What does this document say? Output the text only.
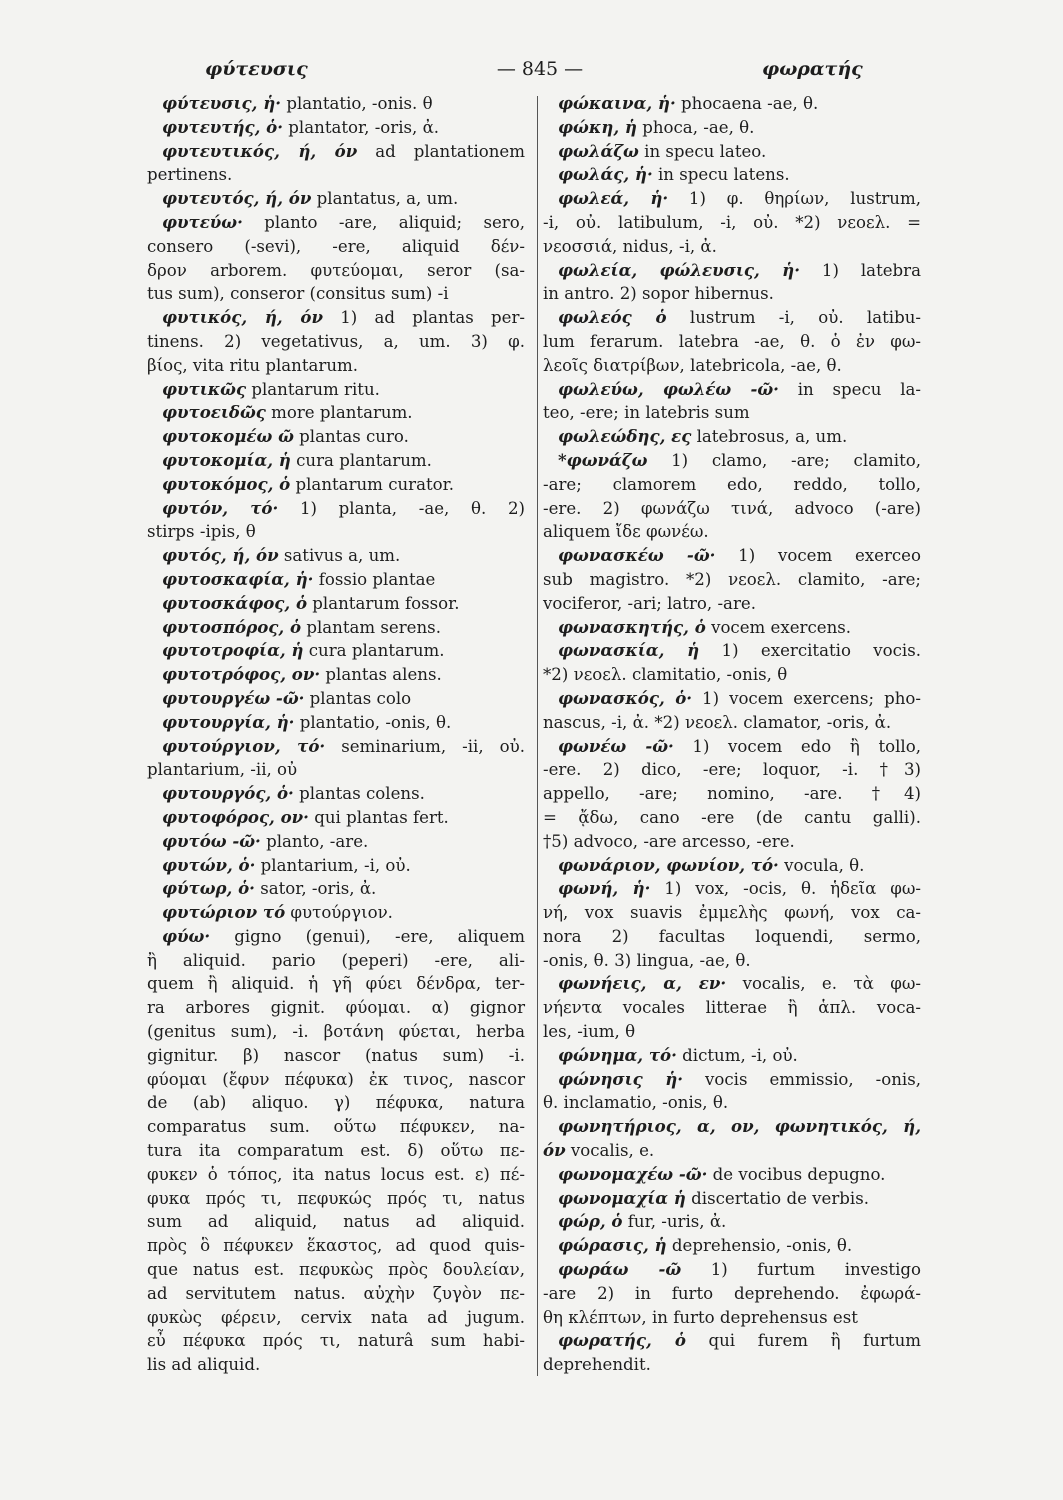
φύτευσις	— 845 —	φωρατής
φύτευσις, ἡ· plantatio, -onis. θ
φυτευτής, ὁ· plantator, -oris, ἀ.
φυτευτικός, ή, όν ad plantationem
pertinens.
φυτευτός, ή, όν plantatus, a, um.
φυτεύω· planto -are, aliquid; sero,
consero (-sevi), -ere, aliquid δέν-
δρον arborem. φυτεύομαι, seror (sa-
tus sum), conseror (consitus sum) -i
φυτικός, ή, όν 1) ad plantas per-
tinens. 2) vegetativus, a, um. 3) φ.
βίος, vita ritu plantarum.
φυτικῶς plantarum ritu.
φυτοειδῶς more plantarum.
φυτοκομέω ῶ plantas curo.
φυτοκομία, ἡ cura plantarum.
φυτοκόμος, ὁ plantarum curator.
φυτόν, τό· 1) planta, -ae, θ. 2)
stirps -ipis, θ
φυτός, ή, όν sativus a, um.
φυτοσκαφία, ἡ· fossio plantae
φυτοσκάφος, ὁ plantarum fossor.
φυτοσπόρος, ὁ plantam serens.
φυτοτροφία, ἡ cura plantarum.
φυτοτρόφος, ον· plantas alens.
φυτουργέω -ῶ· plantas colo
φυτουργία, ἡ· plantatio, -onis, θ.
φυτούργιον, τό· seminarium, -ii, οὐ.
plantarium, -ii, οὐ
φυτουργός, ὁ· plantas colens.
φυτοφόρος, ον· qui plantas fert.
φυτόω -ῶ· planto, -are.
φυτών, ὁ· plantarium, -i, οὐ.
φύτωρ, ὁ· sator, -oris, ἀ.
φυτώριον τό φυτούργιον.
φύω· gigno (genui), -ere, aliquem
ἢ aliquid. pario (peperi) -ere, ali-
quem ἢ aliquid. ἡ γῆ φύει δένδρα, ter-
ra arbores gignit. φύομαι. α) gignor
(genitus sum), -i. βοτάνη φύεται, herba
gignitur. β) nascor (natus sum) -i.
φύομαι (ἔφυν πέφυκα) ἐκ τινος, nascor
de (ab) aliquo. γ) πέφυκα, natura
comparatus sum. οὕτω πέφυκεν, na-
tura ita comparatum est. δ) οὕτω πε-
φυκεν ὁ τόπος, ita natus locus est. ε) πέ-
φυκα πρός τι, πεφυκώς πρός τι, natus
sum ad aliquid, natus ad aliquid.
πρὸς ὃ πέφυκεν ἕκαστος, ad quod quis-
que natus est. πεφυκὼς πρὸς δουλείαν,
ad servitutem natus. αὐχὴν ζυγὸν πε-
φυκὼς φέρειν, cervix nata ad jugum.
εὖ πέφυκα πρός τι, naturâ sum habi-
lis ad aliquid.
φώκαινα, ἡ· phocaena -ae, θ.
φώκη, ἡ phoca, -ae, θ.
φωλάζω in specu lateo.
φωλάς, ἡ· in specu latens.
φωλεά, ἡ· 1) φ. θηρίων, lustrum,
-i, οὐ. latibulum, -i, οὐ. *2) νεοελ. =
νεοσσιά, nidus, -i, ἀ.
φωλεία, φώλευσις, ἡ· 1) latebra
in antro. 2) sopor hibernus.
φωλεός ὁ lustrum -i, οὐ. latibu-
lum ferarum. latebra -ae, θ. ὁ ἐν φω-
λεοῖς διατρίβων, latebricola, -ae, θ.
φωλεύω, φωλέω -ῶ· in specu la-
teo, -ere; in latebris sum
φωλεώδης, ες latebrosus, a, um.
*φωνάζω 1) clamo, -are; clamito,
-are; clamorem edo, reddo, tollo,
-ere. 2) φωνάζω τινά, advoco (-are)
aliquem ἴδε φωνέω.
φωνασκέω -ῶ· 1) vocem exerceo
sub magistro. *2) νεοελ. clamito, -are;
vociferor, -ari; latro, -are.
φωνασκητής, ὁ vocem exercens.
φωνασκία, ἡ 1) exercitatio vocis.
*2) νεοελ. clamitatio, -onis, θ
φωνασκός, ὁ· 1) vocem exercens; pho-
nascus, -i, ἀ. *2) νεοελ. clamator, -oris, ἀ.
φωνέω -ῶ· 1) vocem edo ἢ tollo,
-ere. 2) dico, -ere; loquor, -i. †3)
appello, -are; nomino, -are. †4)
= ᾄδω, cano -ere (de cantu galli).
†5) advoco, -are arcesso, -ere.
φωνάριον, φωνίον, τό· vocula, θ.
φωνή, ἡ· 1) vox, -ocis, θ. ἡδεῖα φω-
νή, vox suavis ἐμμελὴς φωνή, vox ca-
nora 2) facultas loquendi, sermo,
-onis, θ. 3) lingua, -ae, θ.
φωνήεις, α, εν· vocalis, e. τὰ φω-
νήεντα vocales litterae ἢ ἁπλ. voca-
les, -ium, θ
φώνημα, τό· dictum, -i, οὐ.
φώνησις ἡ· vocis emmissio, -onis,
θ. inclamatio, -onis, θ.
φωνητήριος, α, ον, φωνητικός, ή,
όν vocalis, e.
φωνομαχέω -ῶ· de vocibus depugno.
φωνομαχία ἡ discertatio de verbis.
φώρ, ὁ fur, -uris, ἀ.
φώρασις, ἡ deprehensio, -onis, θ.
φωράω -ῶ 1) furtum investigo
-are 2) in furto deprehendo. ἐφωρά-
θη κλέπτων, in furto deprehensus est
φωρατής, ὁ qui furem ἢ furtum
deprehendit.
